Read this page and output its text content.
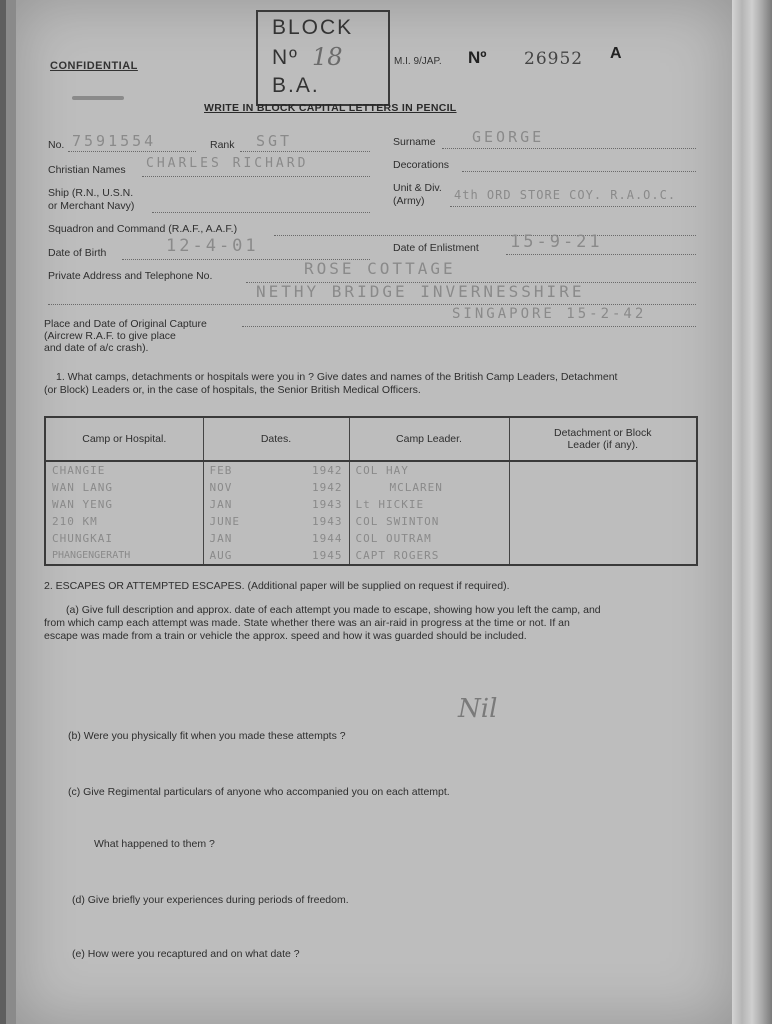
BLOCK
Nº 18
B.A.
CONFIDENTIAL	M.I. 9/JAP. Nº 26952 A
WRITE IN BLOCK CAPITAL LETTERS IN PENCIL
No. 7591554	Rank SGT	Surname GEORGE
Christian Names CHARLES RICHARD	Decorations
Ship (R.N., U.S.N.
or Merchant Navy)
Unit & Div.
(Army) 4th ORD STORE COY. R.A.O.C.
Squadron and Command (R.A.F., A.A.F.)
Date of Birth	12-4-01	Date of Enlistment 15-9-21
Private Address and Telephone No.	ROSE COTTAGE
NETHY BRIDGE INVERNESSHIRE
Place and Date of Original Capture
(Aircrew R.A.F. to give place
and date of a/c crash).
SINGAPORE 15-2-42
1. What camps, detachments or hospitals were you in ? Give dates and names of the British Camp Leaders, Detachment
(or Block) Leaders or, in the case of hospitals, the Senior British Medical Officers.
Camp or Hospital.	Dates.	Camp Leader.	Detachment or Block
Leader (if any).

CHANGIE	FEB 1942	COL HAY	
WAN LANG	NOV 1942	MCLAREN	
WAN YENG	JAN 1943	Lt HICKIE	
210 KM	JUNE 1943	COL SWINTON	
CHUNGKAI	JAN 1944	COL OUTRAM	
PHANGENGERATH	AUG 1945	CAPT ROGERS	
2. ESCAPES OR ATTEMPTED ESCAPES. (Additional paper will be supplied on request if required).
(a) Give full description and approx. date of each attempt you made to escape, showing how you left the camp, and
from which camp each attempt was made. State whether there was an air-raid in progress at the time or not. If an
escape was made from a train or vehicle the approx. speed and how it was guarded should be included.
Nil
(b) Were you physically fit when you made these attempts ?
(c) Give Regimental particulars of anyone who accompanied you on each attempt.
What happened to them ?
(d) Give briefly your experiences during periods of freedom.
(e) How were you recaptured and on what date ?
